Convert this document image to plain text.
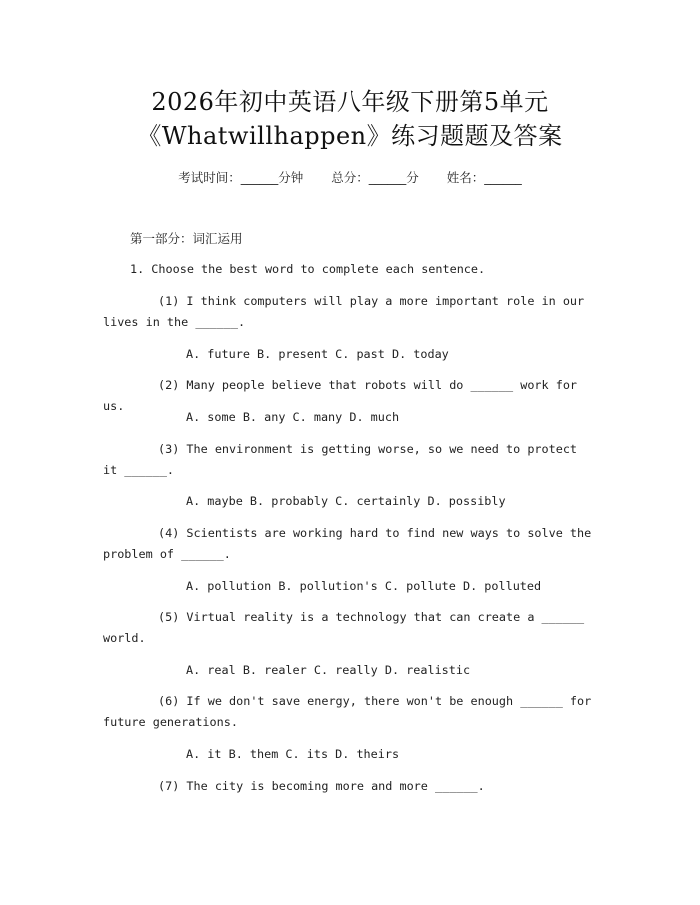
2026年初中英语八年级下册第5单元
《Whatwillhappen》练习题题及答案
考试时间：______分钟 总分：______分 姓名：______
第一部分：词汇运用
1. Choose the best word to complete each sentence.
(1) I think computers will play a more important role in our lives in the ______.
A. future B. present C. past D. today
(2) Many people believe that robots will do ______ work for us.
A. some B. any C. many D. much
(3) The environment is getting worse, so we need to protect it ______.
A. maybe B. probably C. certainly D. possibly
(4) Scientists are working hard to find new ways to solve the problem of ______.
A. pollution B. pollution's C. pollute D. polluted
(5) Virtual reality is a technology that can create a ______ world.
A. real B. realer C. really D. realistic
(6) If we don't save energy, there won't be enough ______ for future generations.
A. it B. them C. its D. theirs
(7) The city is becoming more and more ______.
